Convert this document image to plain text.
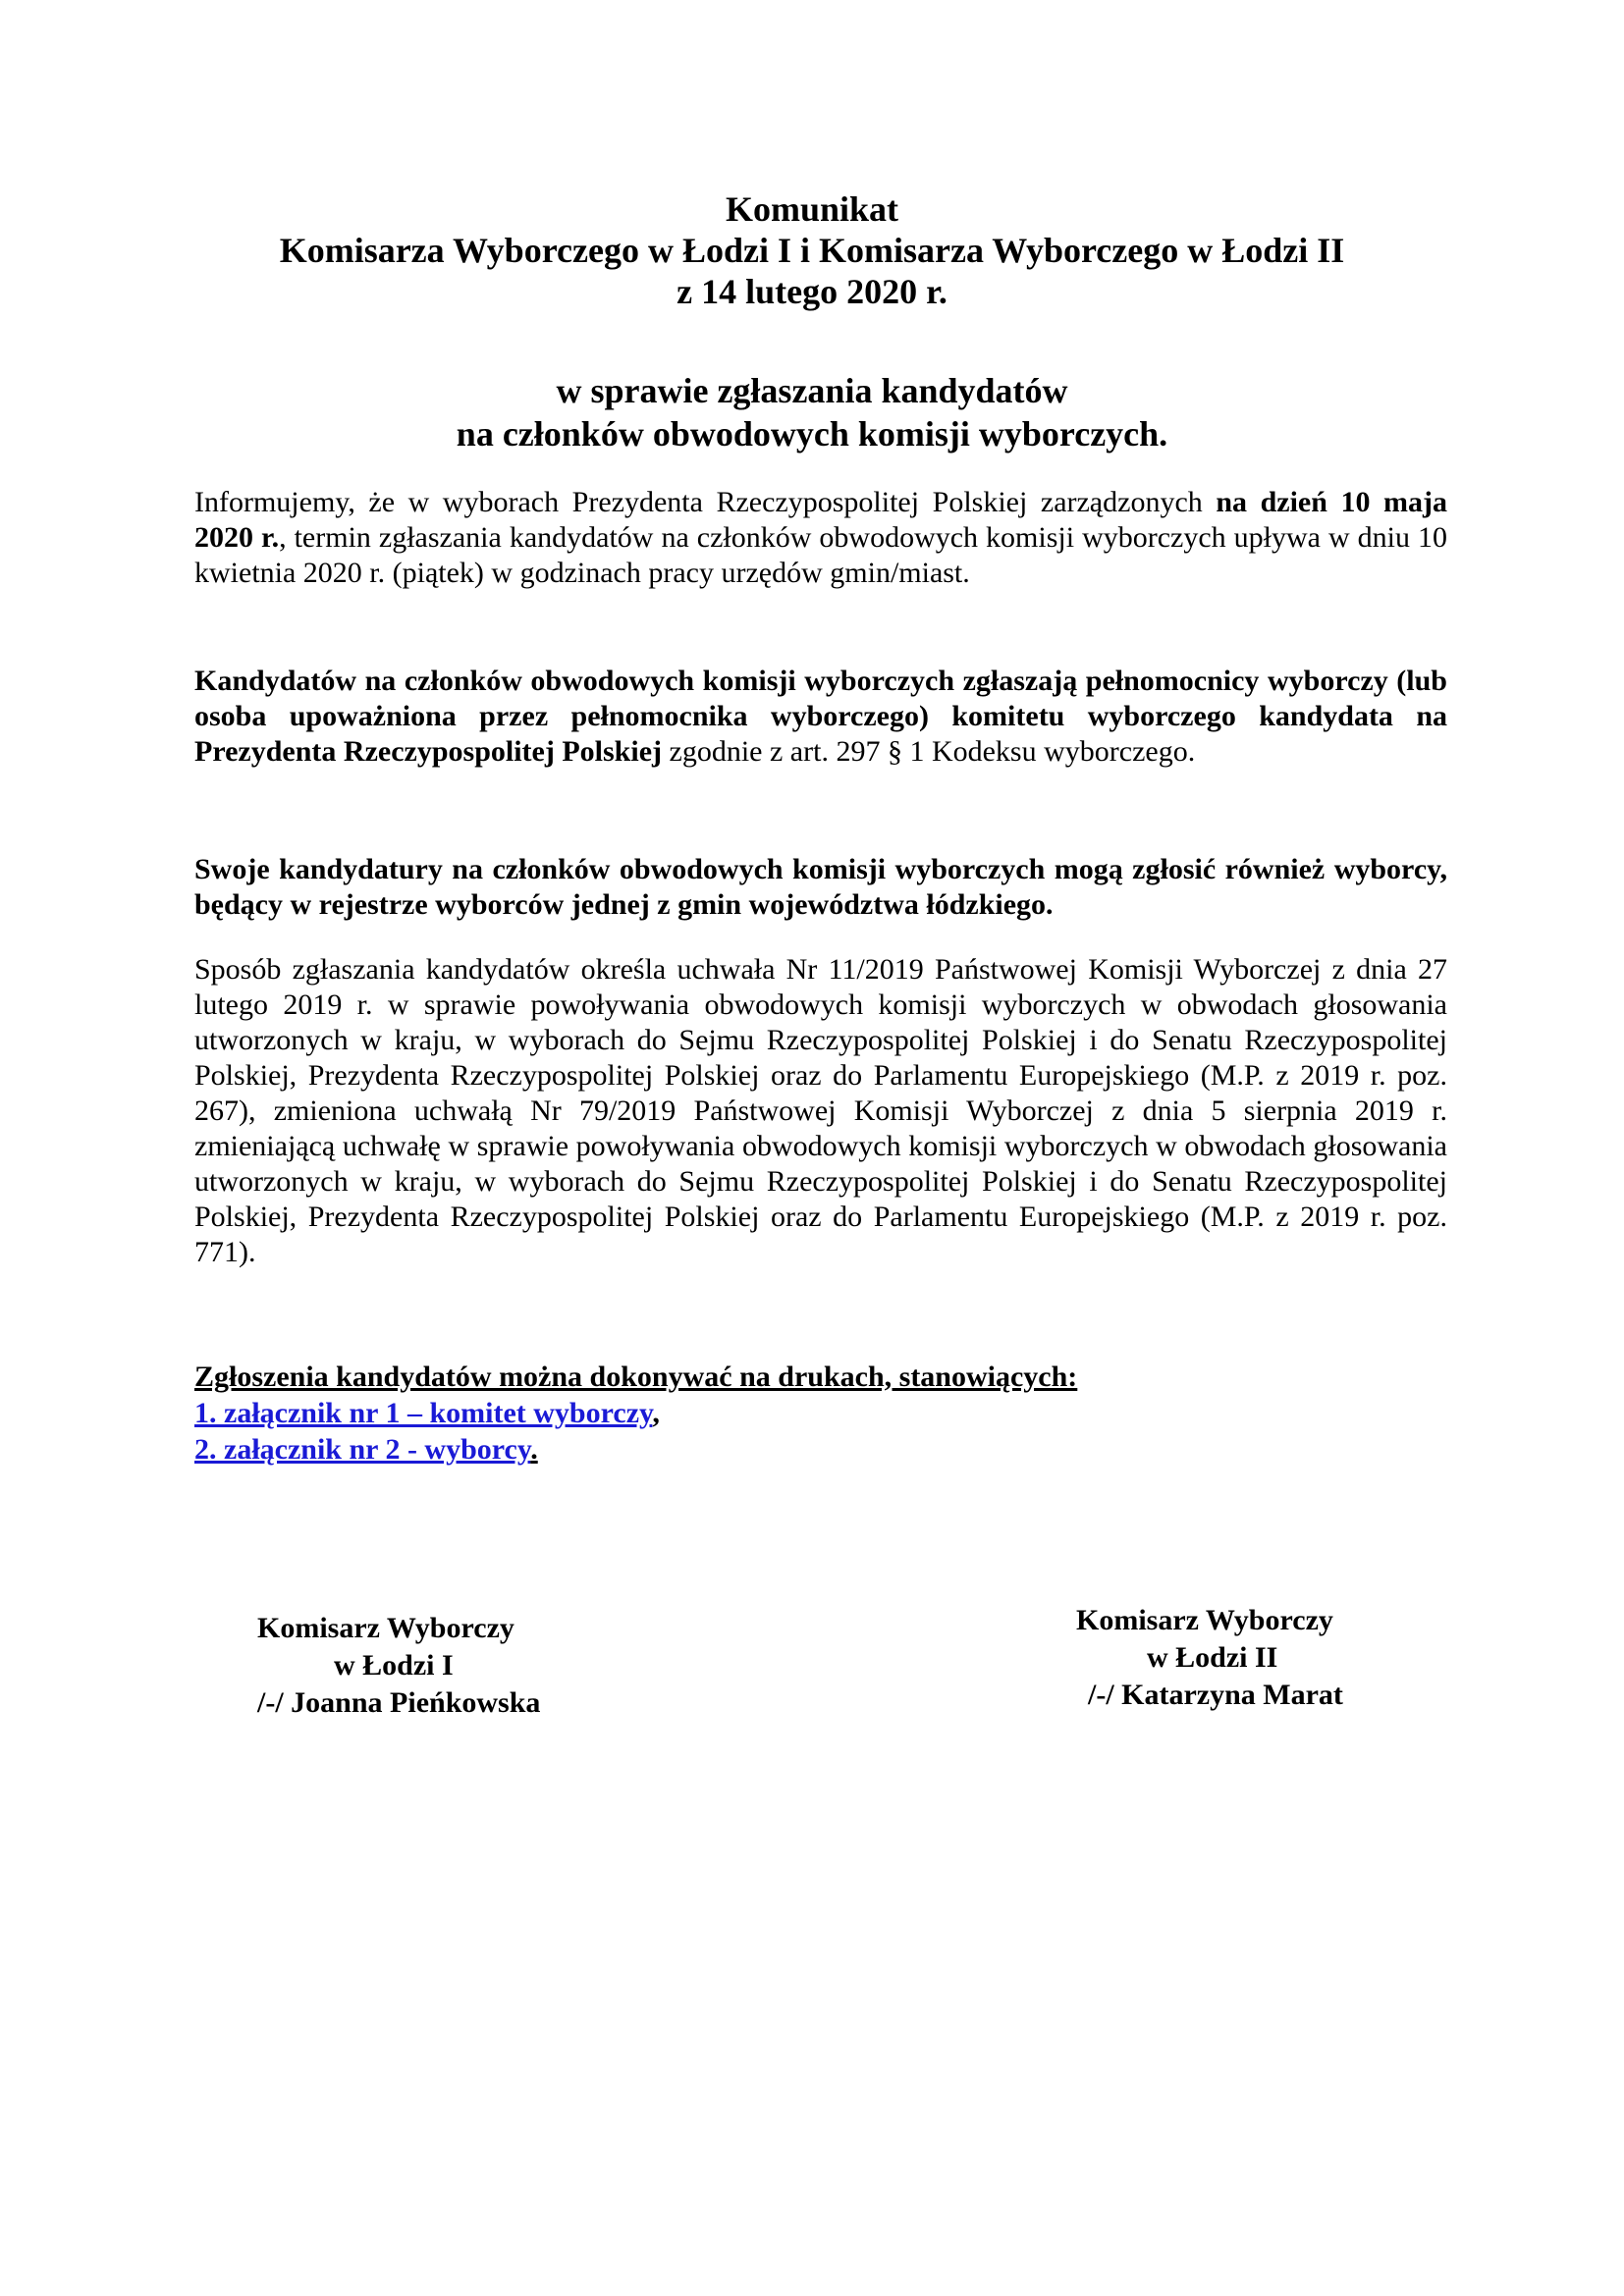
Komunikat
Komisarza Wyborczego w Łodzi I i Komisarza Wyborczego w Łodzi II
z 14 lutego 2020 r.
w sprawie zgłaszania kandydatów
na członków obwodowych komisji wyborczych.
Informujemy, że w wyborach Prezydenta Rzeczypospolitej Polskiej zarządzonych na dzień 10 maja 2020 r., termin zgłaszania kandydatów na członków obwodowych komisji wyborczych upływa w dniu 10 kwietnia 2020 r. (piątek) w godzinach pracy urzędów gmin/miast.
Kandydatów na członków obwodowych komisji wyborczych zgłaszają pełnomocnicy wyborczy (lub osoba upoważniona przez pełnomocnika wyborczego) komitetu wyborczego kandydata na Prezydenta Rzeczypospolitej Polskiej zgodnie z art. 297 § 1 Kodeksu wyborczego.
Swoje kandydatury na członków obwodowych komisji wyborczych mogą zgłosić również wyborcy, będący w rejestrze wyborców jednej z gmin województwa łódzkiego.
Sposób zgłaszania kandydatów określa uchwała Nr 11/2019 Państwowej Komisji Wyborczej z dnia 27 lutego 2019 r. w sprawie powoływania obwodowych komisji wyborczych w obwodach głosowania utworzonych w kraju, w wyborach do Sejmu Rzeczypospolitej Polskiej i do Senatu Rzeczypospolitej Polskiej, Prezydenta Rzeczypospolitej Polskiej oraz do Parlamentu Europejskiego (M.P. z 2019 r. poz. 267), zmieniona uchwałą Nr 79/2019 Państwowej Komisji Wyborczej z dnia 5 sierpnia 2019 r. zmieniającą uchwałę w sprawie powoływania obwodowych komisji wyborczych w obwodach głosowania utworzonych w kraju, w wyborach do Sejmu Rzeczypospolitej Polskiej i do Senatu Rzeczypospolitej Polskiej, Prezydenta Rzeczypospolitej Polskiej oraz do Parlamentu Europejskiego (M.P. z 2019 r. poz. 771).
Zgłoszenia kandydatów można dokonywać na drukach, stanowiących:
1. załącznik nr 1 – komitet wyborczy,
2. załącznik nr 2 - wyborcy.
Komisarz Wyborczy
w Łodzi I
/-/ Joanna Pieńkowska
Komisarz Wyborczy
w Łodzi II
/-/ Katarzyna Marat
